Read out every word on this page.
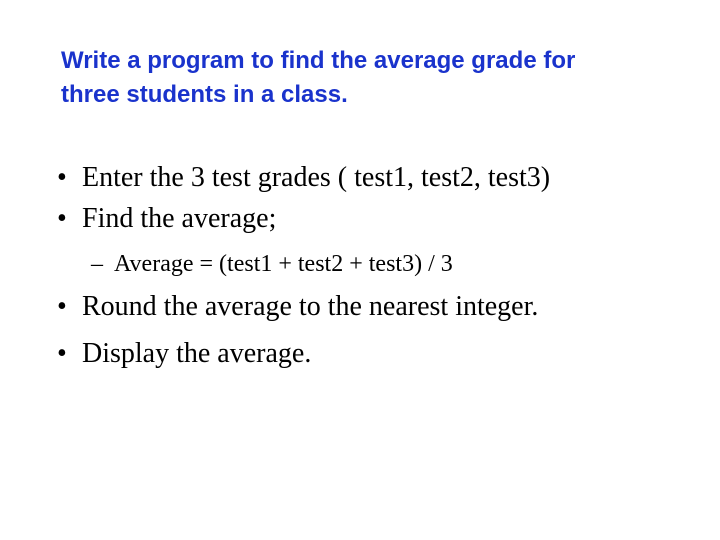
Write a program to find the average grade for
three students in a class.
• Enter the 3 test grades ( test1, test2, test3)
• Find the average;
– Average = (test1 + test2 + test3) / 3
• Round the average to the nearest integer.
• Display the average.
